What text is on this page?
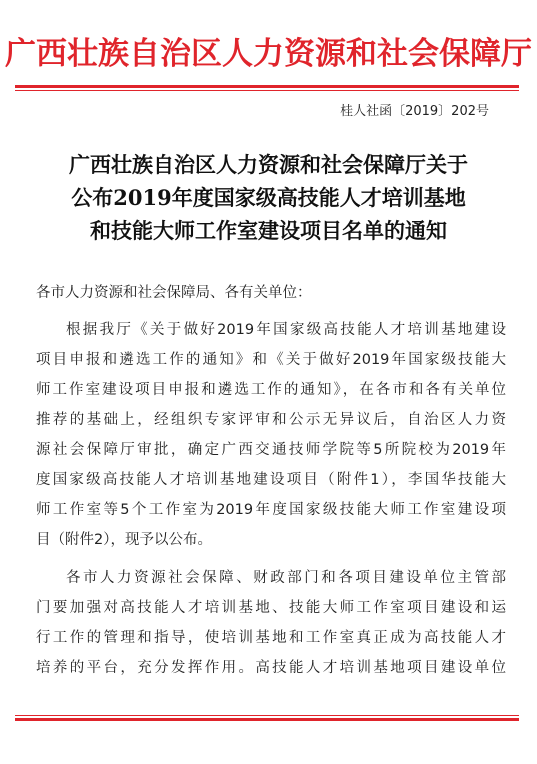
广西壮族自治区人力资源和社会保障厅
桂人社函〔2019〕202号
广西壮族自治区人力资源和社会保障厅关于
公布2019年度国家级高技能人才培训基地
和技能大师工作室建设项目名单的通知
各市人力资源和社会保障局、各有关单位：
根据我厅《关于做好2019年国家级高技能人才培训基地建设
项目申报和遴选工作的通知》和《关于做好2019年国家级技能大
师工作室建设项目申报和遴选工作的通知》，在各市和各有关单位
推荐的基础上，经组织专家评审和公示无异议后，自治区人力资
源社会保障厅审批，确定广西交通技师学院等5所院校为2019年
度国家级高技能人才培训基地建设项目（附件1），李国华技能大
师工作室等5个工作室为2019年度国家级技能大师工作室建设项
目（附件2），现予以公布。
各市人力资源社会保障、财政部门和各项目建设单位主管部
门要加强对高技能人才培训基地、技能大师工作室项目建设和运
行工作的管理和指导，使培训基地和工作室真正成为高技能人才
培养的平台，充分发挥作用。高技能人才培训基地项目建设单位
